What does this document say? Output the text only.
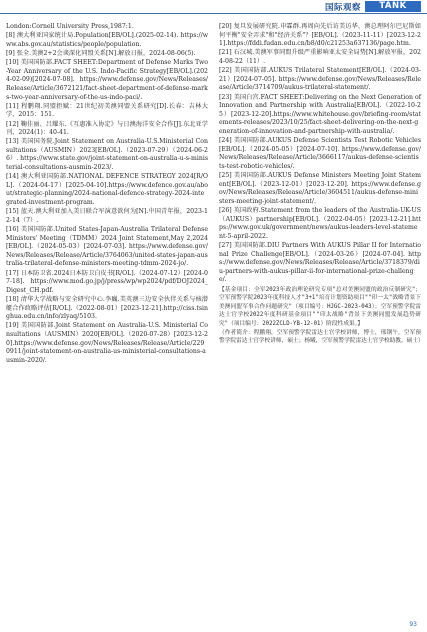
国际观察	TANK

London:Cornell University Press,1987:1.

[8] 澳大利亚国家统计局.Population[EB/OL].(2025-02-14). https://www.abs.gov.au/statistics/people/population.

[9] 张全.美澳2+2会谈深化同盟关系[N].解放日报，2024-08-06(5).

[10] 美国国防部.FACT SHEET:Department of Defense Marks Two-Year Anniversary of the U.S. Indo-Pacific Strategy[EB/OL].(2024-02-09)[2024-07-08]. https://www.defense.gov/News/Releases/Release/Article/3672121/fact-sheet-department-of-defense-marks-two-year-anniversary-of-the-us-indo-paci/.

[11] 程鹏翔.同盟拒赋：21世纪初美澳同盟关系研究[D].长春：吉林大学，2015：151.

[12] 鞠佳丽、吕耀东.《互惠准入协定》与日澳海洋安全合作[J].东北亚学刊，2024(1)：40-41.

[13] 美国国务院.Joint Statement on Australia-U.S.Ministerial Consultations（AUSMIN）2023[EB/OL].（2023-07-29）（2024-06-26）. https://www.state.gov/joint-statement-on-australia-u-s-ministerial-consultations-ausmin-2023/.

[14] 澳大利亚国防部.NATIONAL DEFENCE STRATEGY 2024[R/OL].（2024-04-17）[2025-04-10].https://www.defence.gov.au/about/strategic-planning/2024-national-defence-strategy-2024-integrated-investment-program.

[15] 蓝天.澳大利亚加入美日联合军演意欲何为[N].中国青年报，2023-12-14（7）.

[16] 美国国防部.United States-Japan-Australia Trilateral Defense Ministers' Meeting（TDMM）2024 Joint Statement,May 2,2024[EB/OL].（2024-05-03）[2024-07-03]. https://www.defense.gov/News/Releases/Release/Article/3764063/united-states-japan-australia-trilateral-defense-ministers-meeting-tdmm-2024-jo/.

[17] 日本防卫省.2024日本防卫白皮书[R/OL].（2024-07-12）[2024-07-18]. https://www.mod.go.jp/j/press/wp/wp2024/pdf/DOJ2024_Digest_CH.pdf.

[18] 清华大学战略与安全研究中心.李巍.美英澳三边安全伙伴关系与核潜艇合作政略评估[R/OL].（2022-08-01）[2023-12-21].http://ciss.tsinghua.edu.cn/info/zlyaq/5103.

[19] 美国国防部.Joint Statement on Australia-U.S. Ministerial Consultations（AUSMIN）2020[EB/OL].（2020-07-28）[2023-12-20].https://www.defense.gov/News/Releases/Release/Article/2290911/joint-statement-on-australia-us-ministerial-consultations-ausmin-2020/.

[20] 复旦发展研究院.申霖群.再周向先后访美访华，澳总理阿尔巴尼斯如何平衡"安全弄求"和"经济关系"？[EB/OL].（2023-11-11）[2023-12-21].https://fddi.fudan.edu.cn/b8/d0/c21253a637136/page.htm.

[21] 石汉城.美澳军事同盟升级严重影响亚太安全局势[N].解放军报，2024-08-22（11）.

[22] 美国国防部.AUKUS Trilateral Statement[EB/OL].（2024-03-21）[2024-07-05]. https://www.defense.gov/News/Releases/Release/Article/3714709/aukus-trilateral-statement/.

[23] 美国白宫.FACT SHEET:Delivering on the Next Generation of Innovation and Partnership with Australia[EB/OL].（2022-10-25）[2023-12-20].https://www.whitehouse.gov/briefing-room/statements-releases/2023/10/25/fact-sheet-delivering-on-the-next-generation-of-innovation-and-partnership-with-australia/.

[24] 美国国防部.AUKUS Defense Scientists Test Robotic Vehicles[EB/OL].（2024-05-05）[2024-07-10]. https://www.defense.gov/News/Releases/Release/Article/3666117/aukus-defense-scientists-test-robotic-vehicles/.

[25] 美国国防部.AUKUS Defense Ministers Meeting Joint Statement[EB/OL].（2023-12-01）[2023-12-20]. https://www.defense.gov/News/Releases/Release/Article/3604511/aukus-defense-ministers-meeting-joint-statement/.

[26] 英国政府.Statement from the leaders of the Australia-UK-US（AUKUS）partnership[EB/OL].（2022-04-05）[2023-12-21].https://www.gov.uk/government/news/aukus-leaders-level-statement-5-april-2022.

[27] 美国国防部.DIU Partners With AUKUS Pillar II for International Prize Challenge[EB/OL].（2024-03-26）[2024-07-04]. https://www.defense.gov/News/Releases/Release/Article/3718379/diu-partners-with-aukus-pillar-ii-for-international-prize-challenge/.

【基金项目：全军2023年政治理论研究专项"总对美澳同盟的政治反制研究"；空军预警学院2023年度科技人才"3+1"培育计划资助项目""印一太"战略背景下美澳同盟军事合作问题研究"（项目编号：HJGC-2023-043）；空军预警学院雷达士官学校2022年度科研基金项目""印太战略"背景下美澳同盟发展趋势研究"（项目编号：2022ZCLD-YB-12-01）阶段性成果。】

（作者简介：程鹏翔，空军预警学院雷达士官学校讲师，博士，邢钢午，空军预警学院雷达士官学校讲师，硕士；杨曦，空军预警学院雷达士官学校助教，硕士）

93
